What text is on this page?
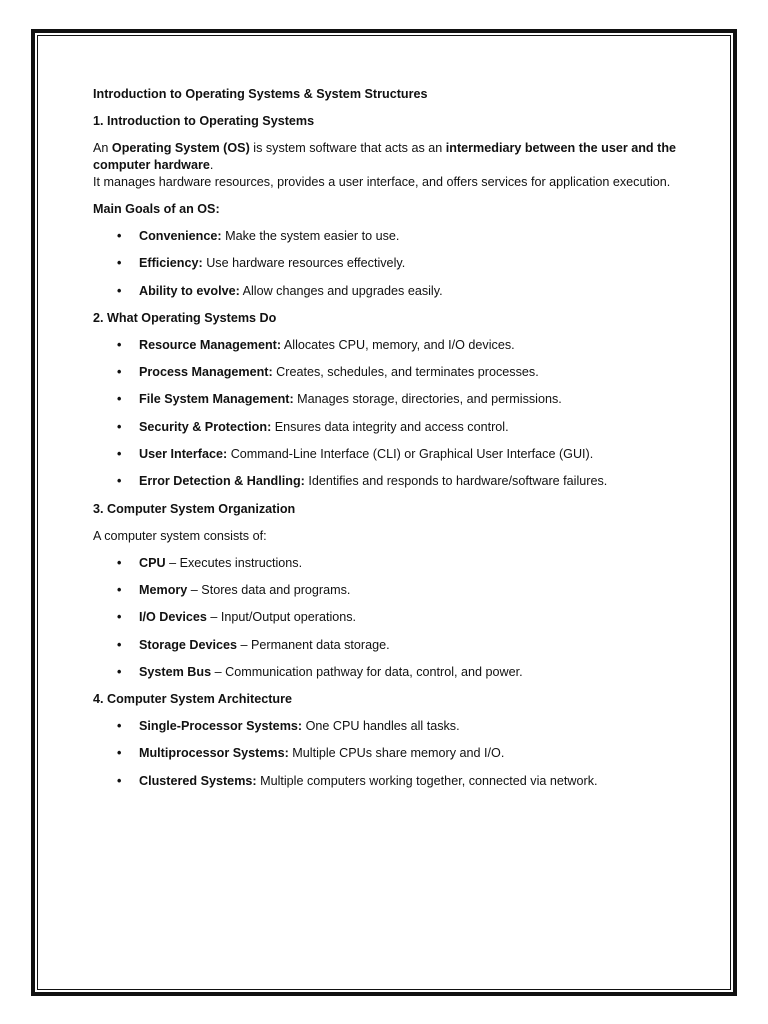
Introduction to Operating Systems & System Structures

1. Introduction to Operating Systems

An Operating System (OS) is system software that acts as an intermediary between the user and the computer hardware.
It manages hardware resources, provides a user interface, and offers services for application execution.

Main Goals of an OS:

• Convenience: Make the system easier to use.
• Efficiency: Use hardware resources effectively.
• Ability to evolve: Allow changes and upgrades easily.

2. What Operating Systems Do

• Resource Management: Allocates CPU, memory, and I/O devices.
• Process Management: Creates, schedules, and terminates processes.
• File System Management: Manages storage, directories, and permissions.
• Security & Protection: Ensures data integrity and access control.
• User Interface: Command-Line Interface (CLI) or Graphical User Interface (GUI).
• Error Detection & Handling: Identifies and responds to hardware/software failures.

3. Computer System Organization

A computer system consists of:

• CPU – Executes instructions.
• Memory – Stores data and programs.
• I/O Devices – Input/Output operations.
• Storage Devices – Permanent data storage.
• System Bus – Communication pathway for data, control, and power.

4. Computer System Architecture

• Single-Processor Systems: One CPU handles all tasks.
• Multiprocessor Systems: Multiple CPUs share memory and I/O.
• Clustered Systems: Multiple computers working together, connected via network.
